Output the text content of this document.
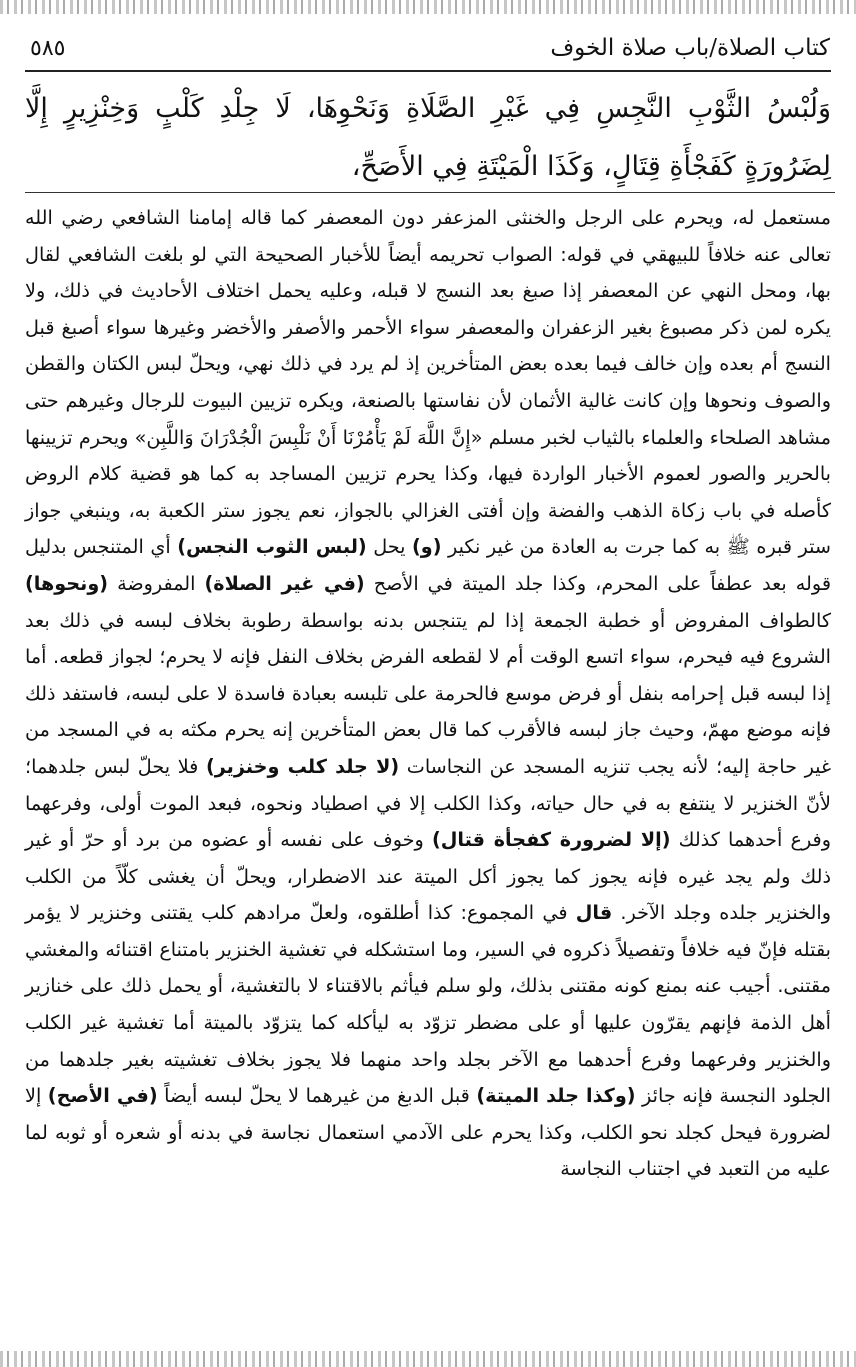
كتاب الصلاة/باب صلاة الخوف
٥٨٥
وَلُبْسُ الثَّوْبِ النَّجِسِ فِي غَيْرِ الصَّلَاةِ وَنَحْوِهَا، لَا جِلْدِ كَلْبٍ وَخِنْزِيرٍ إِلَّا لِضَرُورَةٍ كَفَجْأَةِ قِتَالٍ، وَكَذَا الْمَيْتَةِ فِي الأَصَحِّ،
مستعمل له، ويحرم على الرجل والخنثى المزعفر دون المعصفر كما قاله إمامنا الشافعي رضي الله تعالى عنه خلافاً للبيهقي في قوله: الصواب تحريمه أيضاً للأخبار الصحيحة التي لو بلغت الشافعي لقال بها، ومحل النهي عن المعصفر إذا صبغ بعد النسج لا قبله، وعليه يحمل اختلاف الأحاديث في ذلك، ولا يكره لمن ذكر مصبوغ بغير الزعفران والمعصفر سواء الأحمر والأصفر والأخضر وغيرها سواء أصبغ قبل النسج أم بعده وإن خالف فيما بعده بعض المتأخرين إذ لم يرد في ذلك نهي، ويحلّ لبس الكتان والقطن والصوف ونحوها وإن كانت غالية الأثمان لأن نفاستها بالصنعة، ويكره تزيين البيوت للرجال وغيرهم حتى مشاهد الصلحاء والعلماء بالثياب لخبر مسلم «إِنَّ اللَّهَ لَمْ يَأْمُرْنَا أَنْ نَلْبِسَ الْجُدْرَانَ وَاللَّبِن» ويحرم تزيينها بالحرير والصور لعموم الأخبار الواردة فيها، وكذا يحرم تزيين المساجد به كما هو قضية كلام الروض كأصله في باب زكاة الذهب والفضة وإن أفتى الغزالي بالجواز، نعم يجوز ستر الكعبة به، وينبغي جواز ستر قبره ﷺ به كما جرت به العادة من غير نكير (و) يحل (لبس الثوب النجس) أي المتنجس بدليل قوله بعد عطفاً على المحرم، وكذا جلد الميتة في الأصح (في غير الصلاة) المفروضة (ونحوها) كالطواف المفروض أو خطبة الجمعة إذا لم يتنجس بدنه بواسطة رطوبة بخلاف لبسه في ذلك بعد الشروع فيه فيحرم، سواء اتسع الوقت أم لا لقطعه الفرض بخلاف النفل فإنه لا يحرم؛ لجواز قطعه. أما إذا لبسه قبل إحرامه بنفل أو فرض موسع فالحرمة على تلبسه بعبادة فاسدة لا على لبسه، فاستفد ذلك فإنه موضع مهمّ، وحيث جاز لبسه فالأقرب كما قال بعض المتأخرين إنه يحرم مكثه به في المسجد من غير حاجة إليه؛ لأنه يجب تنزيه المسجد عن النجاسات (لا جلد كلب وخنزير) فلا يحلّ لبس جلدهما؛ لأنّ الخنزير لا ينتفع به في حال حياته، وكذا الكلب إلا في اصطياد ونحوه، فبعد الموت أولى، وفرعهما وفرع أحدهما كذلك (إلا لضرورة كفجأة قتال) وخوف على نفسه أو عضوه من برد أو حرّ أو غير ذلك ولم يجد غيره فإنه يجوز كما يجوز أكل الميتة عند الاضطرار، ويحلّ أن يغشى كلّاً من الكلب والخنزير جلده وجلد الآخر. قال في المجموع: كذا أطلقوه، ولعلّ مرادهم كلب يقتنى وخنزير لا يؤمر بقتله فإنّ فيه خلافاً وتفصيلاً ذكروه في السير، وما استشكله في تغشية الخنزير بامتناع اقتنائه والمغشي مقتنى. أجيب عنه بمنع كونه مقتنى بذلك، ولو سلم فيأثم بالاقتناء لا بالتغشية، أو يحمل ذلك على خنازير أهل الذمة فإنهم يقرّون عليها أو على مضطر تزوّد به ليأكله كما يتزوّد بالميتة أما تغشية غير الكلب والخنزير وفرعهما وفرع أحدهما مع الآخر بجلد واحد منهما فلا يجوز بخلاف تغشيته بغير جلدهما من الجلود النجسة فإنه جائز (وكذا جلد الميتة) قبل الدبغ من غيرهما لا يحلّ لبسه أيضاً (في الأصح) إلا لضرورة فيحل كجلد نحو الكلب، وكذا يحرم على الآدمي استعمال نجاسة في بدنه أو شعره أو ثوبه لما عليه من التعبد في اجتناب النجاسة
